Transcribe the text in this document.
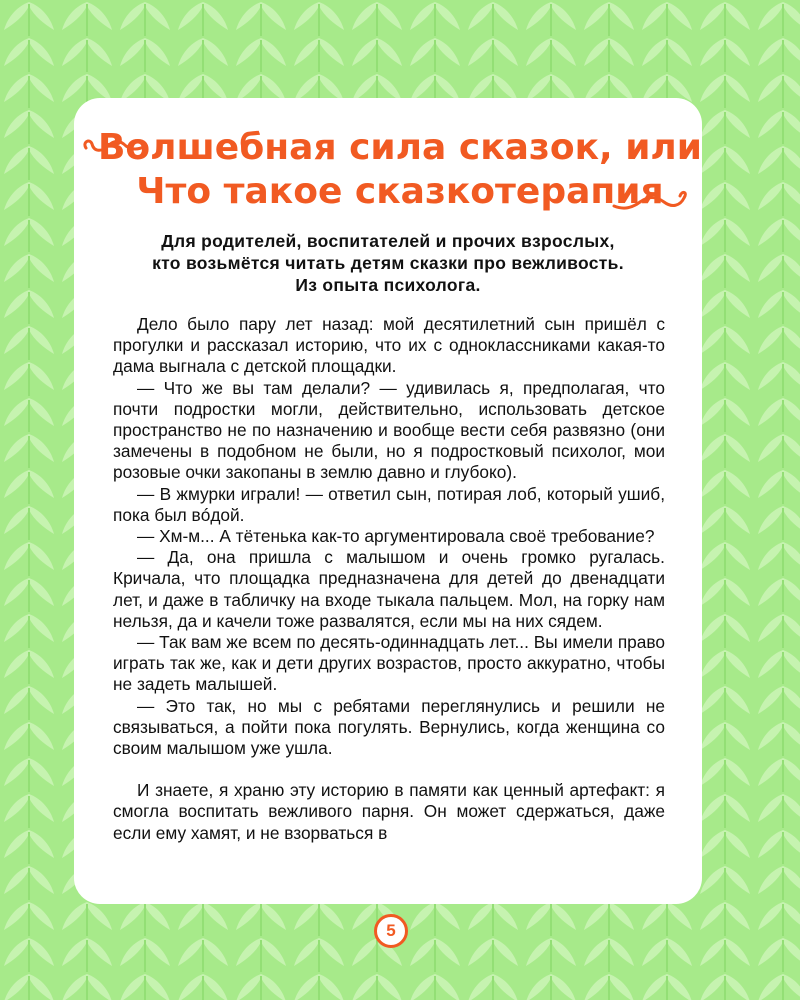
Волшебная сила сказок, или
Что такое сказкотерапия

Для родителей, воспитателей и прочих взрослых,
кто возьмётся читать детям сказки про вежливость.
Из опыта психолога.

Дело было пару лет назад: мой десятилетний сын пришёл с прогулки и рассказал историю, что их с одноклассниками какая-то дама выгнала с детской площадки.

— Что же вы там делали? — удивилась я, предполагая, что почти подростки могли, действительно, использовать детское пространство не по назначению и вообще вести себя развязно (они замечены в подобном не были, но я подростковый психолог, мои розовые очки закопаны в землю давно и глубоко).

— В жмурки играли! — ответил сын, потирая лоб, который ушиб, пока был вóдой.

— Хм-м... А тётенька как-то аргументировала своё требование?

— Да, она пришла с малышом и очень громко ругалась. Кричала, что площадка предназначена для детей до двенадцати лет, и даже в табличку на входе тыкала пальцем. Мол, на горку нам нельзя, да и качели тоже развалятся, если мы на них сядем.

— Так вам же всем по десять-одиннадцать лет... Вы имели право играть так же, как и дети других возрастов, просто аккуратно, чтобы не задеть малышей.

— Это так, но мы с ребятами переглянулись и решили не связываться, а пойти пока погулять. Вернулись, когда женщина со своим малышом уже ушла.

И знаете, я храню эту историю в памяти как ценный артефакт: я смогла воспитать вежливого парня. Он может сдержаться, даже если ему хамят, и не взорваться в

5
